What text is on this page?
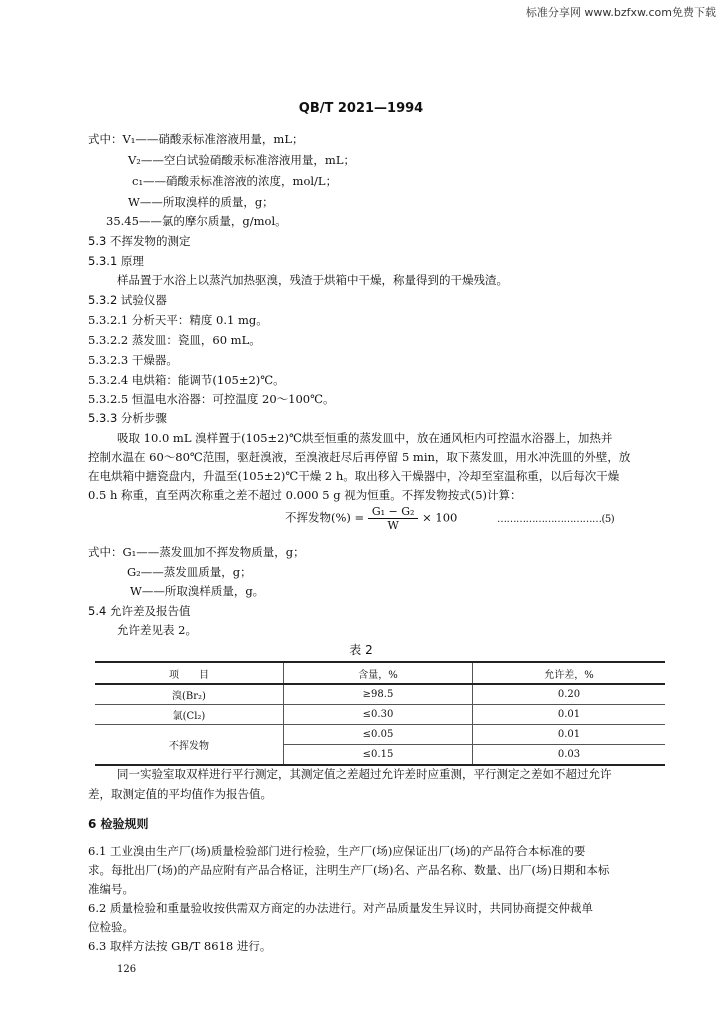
标准分享网 www.bzfxw.com免费下载
QB/T 2021—1994
式中：V₁——硝酸汞标准溶液用量，mL；
V₂——空白试验硝酸汞标准溶液用量，mL；
c₁——硝酸汞标准溶液的浓度，mol/L；
W——所取溴样的质量，g；
35.45——氯的摩尔质量，g/mol。
5.3 不挥发物的测定
5.3.1 原理
样品置于水浴上以蒸汽加热驱溴，残渣于烘箱中干燥，称量得到的干燥残渣。
5.3.2 试验仪器
5.3.2.1 分析天平：精度 0.1 mg。
5.3.2.2 蒸发皿：瓷皿，60 mL。
5.3.2.3 干燥器。
5.3.2.4 电烘箱：能调节(105±2)℃。
5.3.2.5 恒温电水浴器：可控温度 20～100℃。
5.3.3 分析步骤
吸取 10.0 mL 溴样置于(105±2)℃烘至恒重的蒸发皿中，放在通风柜内可控温水浴器上，加热并
控制水温在 60～80℃范围，驱赶溴液，至溴液赶尽后再停留 5 min，取下蒸发皿，用水冲洗皿的外壁，放
在电烘箱中搪瓷盘内，升温至(105±2)℃干燥 2 h。取出移入干燥器中，冷却至室温称重，以后每次干燥
0.5 h 称重，直至两次称重之差不超过 0.000 5 g 视为恒重。不挥发物按式(5)计算：
不挥发物(%) = $\frac{\text{G₁ − G₂}}{W} \times 100$	……………………………(5)
式中：G₁——蒸发皿加不挥发物质量，g；
G₂——蒸发皿质量，g；
W——所取溴样质量，g。
5.4 允许差及报告值
允许差见表 2。
表 2
项　　目	含量，%	允许差，%
溴(Br₂)	≥98.5	0.20
氯(Cl₂)	≤0.30	0.01
不挥发物	≤0.05	0.01
	≤0.15	0.03
同一实验室取双样进行平行测定，其测定值之差超过允许差时应重测，平行测定之差如不超过允许
差，取测定值的平均值作为报告值。
6 检验规则
6.1 工业溴由生产厂(场)质量检验部门进行检验，生产厂(场)应保证出厂(场)的产品符合本标准的要
求。每批出厂(场)的产品应附有产品合格证，注明生产厂(场)名、产品名称、数量、出厂(场)日期和本标
准编号。
6.2 质量检验和重量验收按供需双方商定的办法进行。对产品质量发生异议时，共同协商提交仲裁单
位检验。
6.3 取样方法按 GB/T 8618 进行。
126
